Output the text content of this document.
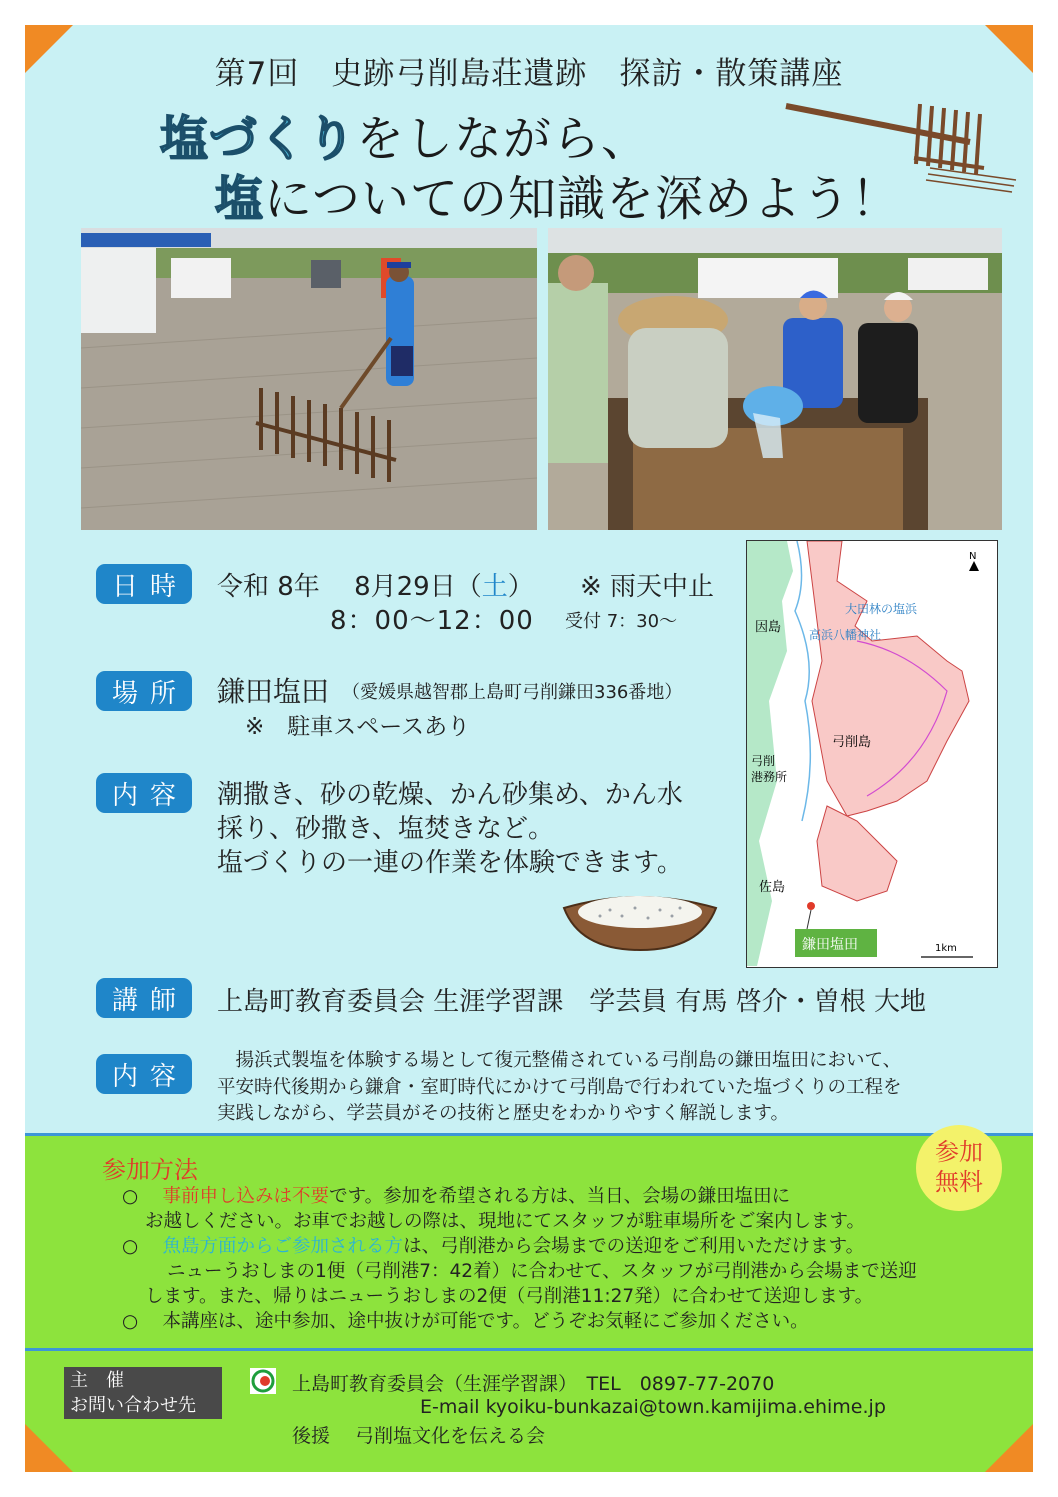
第7回　史跡弓削島荘遺跡　探訪・散策講座
塩づくりをしながら、
塩についての知識を深めよう！
日 時 令和 8年　 8月29日（土） ※ 雨天中止
8：00〜12：00 受付 7：30〜
場 所 鎌田塩田 （愛媛県越智郡上島町弓削鎌田336番地）
※　駐車スペースあり
内 容 潮撒き、砂の乾燥、かん砂集め、かん水
採り、砂撒き、塩焚きなど。
塩づくりの一連の作業を体験できます。
N
大田林の塩浜
高浜八幡神社
因島
弓削島
弓削
港務所
佐島
鎌田塩田	1km
講 師 上島町教育委員会 生涯学習課　学芸員 有馬 啓介・曽根 大地
内 容
　揚浜式製塩を体験する場として復元整備されている弓削島の鎌田塩田において、
平安時代後期から鎌倉・室町時代にかけて弓削島で行われていた塩づくりの工程を
実践しながら、学芸員がその技術と歴史をわかりやすく解説します。
参加方法
参加
無料
○　 事前申し込みは不要です。参加を希望される方は、当日、会場の鎌田塩田に
お越しください。お車でお越しの際は、現地にてスタッフが駐車場所をご案内します。
○　 魚島方面からご参加される方は、弓削港から会場までの送迎をご利用いただけます。
ニューうおしまの1便（弓削港7：42着）に合わせて、スタッフが弓削港から会場まで送迎
します。また、帰りはニューうおしまの2便（弓削港11:27発）に合わせて送迎します。
○　 本講座は、途中参加、途中抜けが可能です。どうぞお気軽にご参加ください。
主　催
お問い合わせ先
上島町教育委員会（生涯学習課）　TEL　0897-77-2070
E-mail kyoiku-bunkazai@town.kamijima.ehime.jp
後援　 弓削塩文化を伝える会
